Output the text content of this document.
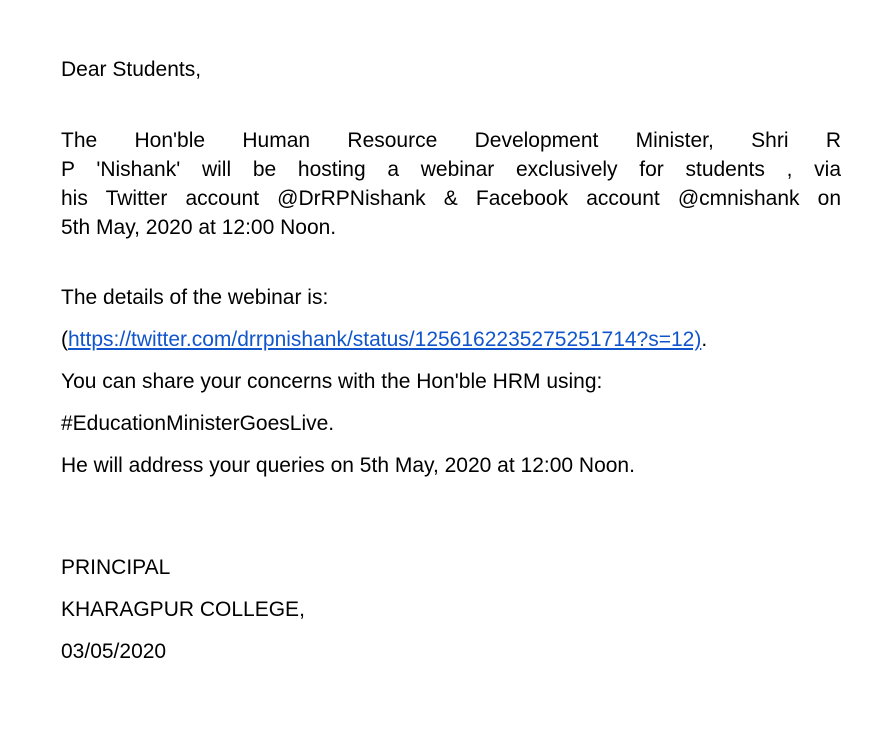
Dear Students,
The Hon'ble Human Resource Development Minister, Shri R
P 'Nishank' will be hosting a webinar exclusively for students , via
his Twitter account @DrRPNishank & Facebook account @cmnishank on
5th May, 2020 at 12:00 Noon.
The details of the webinar is:
(https://twitter.com/drrpnishank/status/1256162235275251714?s=12).
You can share your concerns with the Hon'ble HRM using:
#EducationMinisterGoesLive.
He will address your queries on 5th May, 2020 at 12:00 Noon.
PRINCIPAL
KHARAGPUR COLLEGE,
03/05/2020
